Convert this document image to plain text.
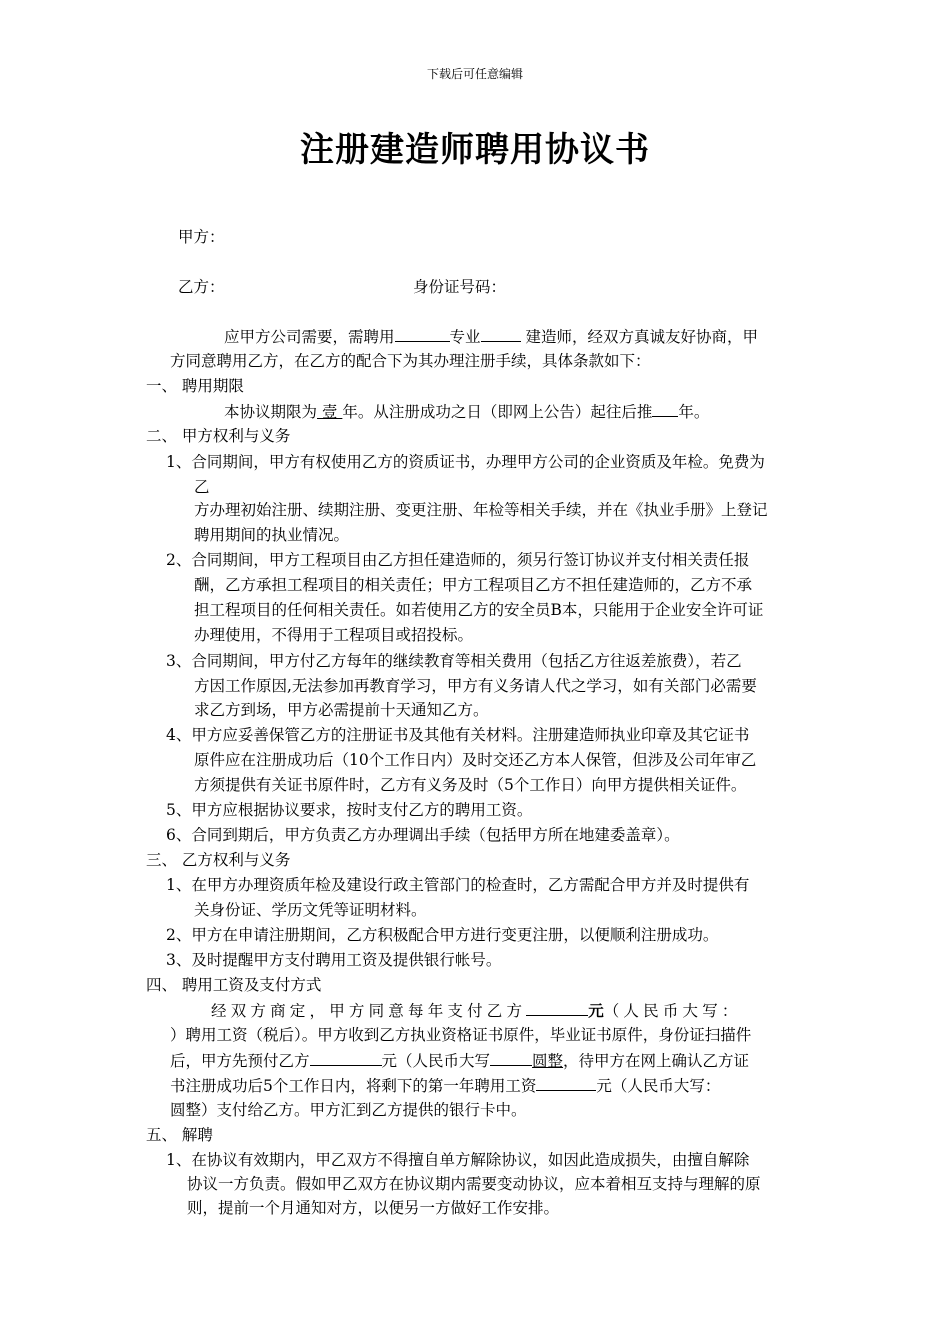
下载后可任意编辑
注册建造师聘用协议书
甲方：
乙方：	身份证号码：
应甲方公司需要，需聘用	专业	建造师，经双方真诚友好协商，甲
方同意聘用乙方，在乙方的配合下为其办理注册手续，具体条款如下：
一、 聘用期限
本协议期限为 壹 年。从注册成功之日（即网上公告）起往后推 年。
二、 甲方权利与义务
1、合同期间，甲方有权使用乙方的资质证书，办理甲方公司的企业资质及年检。免费为
乙
方办理初始注册、续期注册、变更注册、年检等相关手续，并在《执业手册》上登记
聘用期间的执业情况。
2、合同期间，甲方工程项目由乙方担任建造师的，须另行签订协议并支付相关责任报
酬，乙方承担工程项目的相关责任；甲方工程项目乙方不担任建造师的，乙方不承
担工程项目的任何相关责任。如若使用乙方的安全员B本，只能用于企业安全许可证
办理使用，不得用于工程项目或招投标。
3、合同期间，甲方付乙方每年的继续教育等相关费用（包括乙方往返差旅费），若乙
方因工作原因,无法参加再教育学习，甲方有义务请人代之学习，如有关部门必需要
求乙方到场，甲方必需提前十天通知乙方。
4、甲方应妥善保管乙方的注册证书及其他有关材料。注册建造师执业印章及其它证书
原件应在注册成功后（10个工作日内）及时交还乙方本人保管，但涉及公司年审乙
方须提供有关证书原件时，乙方有义务及时（5个工作日）向甲方提供相关证件。
5、甲方应根据协议要求，按时支付乙方的聘用工资。
6、合同到期后，甲方负责乙方办理调出手续（包括甲方所在地建委盖章）。
三、 乙方权利与义务
1、在甲方办理资质年检及建设行政主管部门的检查时，乙方需配合甲方并及时提供有
关身份证、学历文凭等证明材料。
2、甲方在申请注册期间，乙方积极配合甲方进行变更注册，以便顺利注册成功。
3、及时提醒甲方支付聘用工资及提供银行帐号。
四、 聘用工资及支付方式
经双方商定，甲方同意每年支付乙方	元（人民币大写：
）聘用工资（税后）。甲方收到乙方执业资格证书原件，毕业证书原件，身份证扫描件
后，甲方先预付乙方	元（人民币大写	圆整，待甲方在网上确认乙方证
书注册成功后5个工作日内，将剩下的第一年聘用工资	元（人民币大写：
圆整）支付给乙方。甲方汇到乙方提供的银行卡中。
五、 解聘
1、在协议有效期内，甲乙双方不得擅自单方解除协议，如因此造成损失，由擅自解除
协议一方负责。假如甲乙双方在协议期内需要变动协议，应本着相互支持与理解的原
则，提前一个月通知对方，以便另一方做好工作安排。
